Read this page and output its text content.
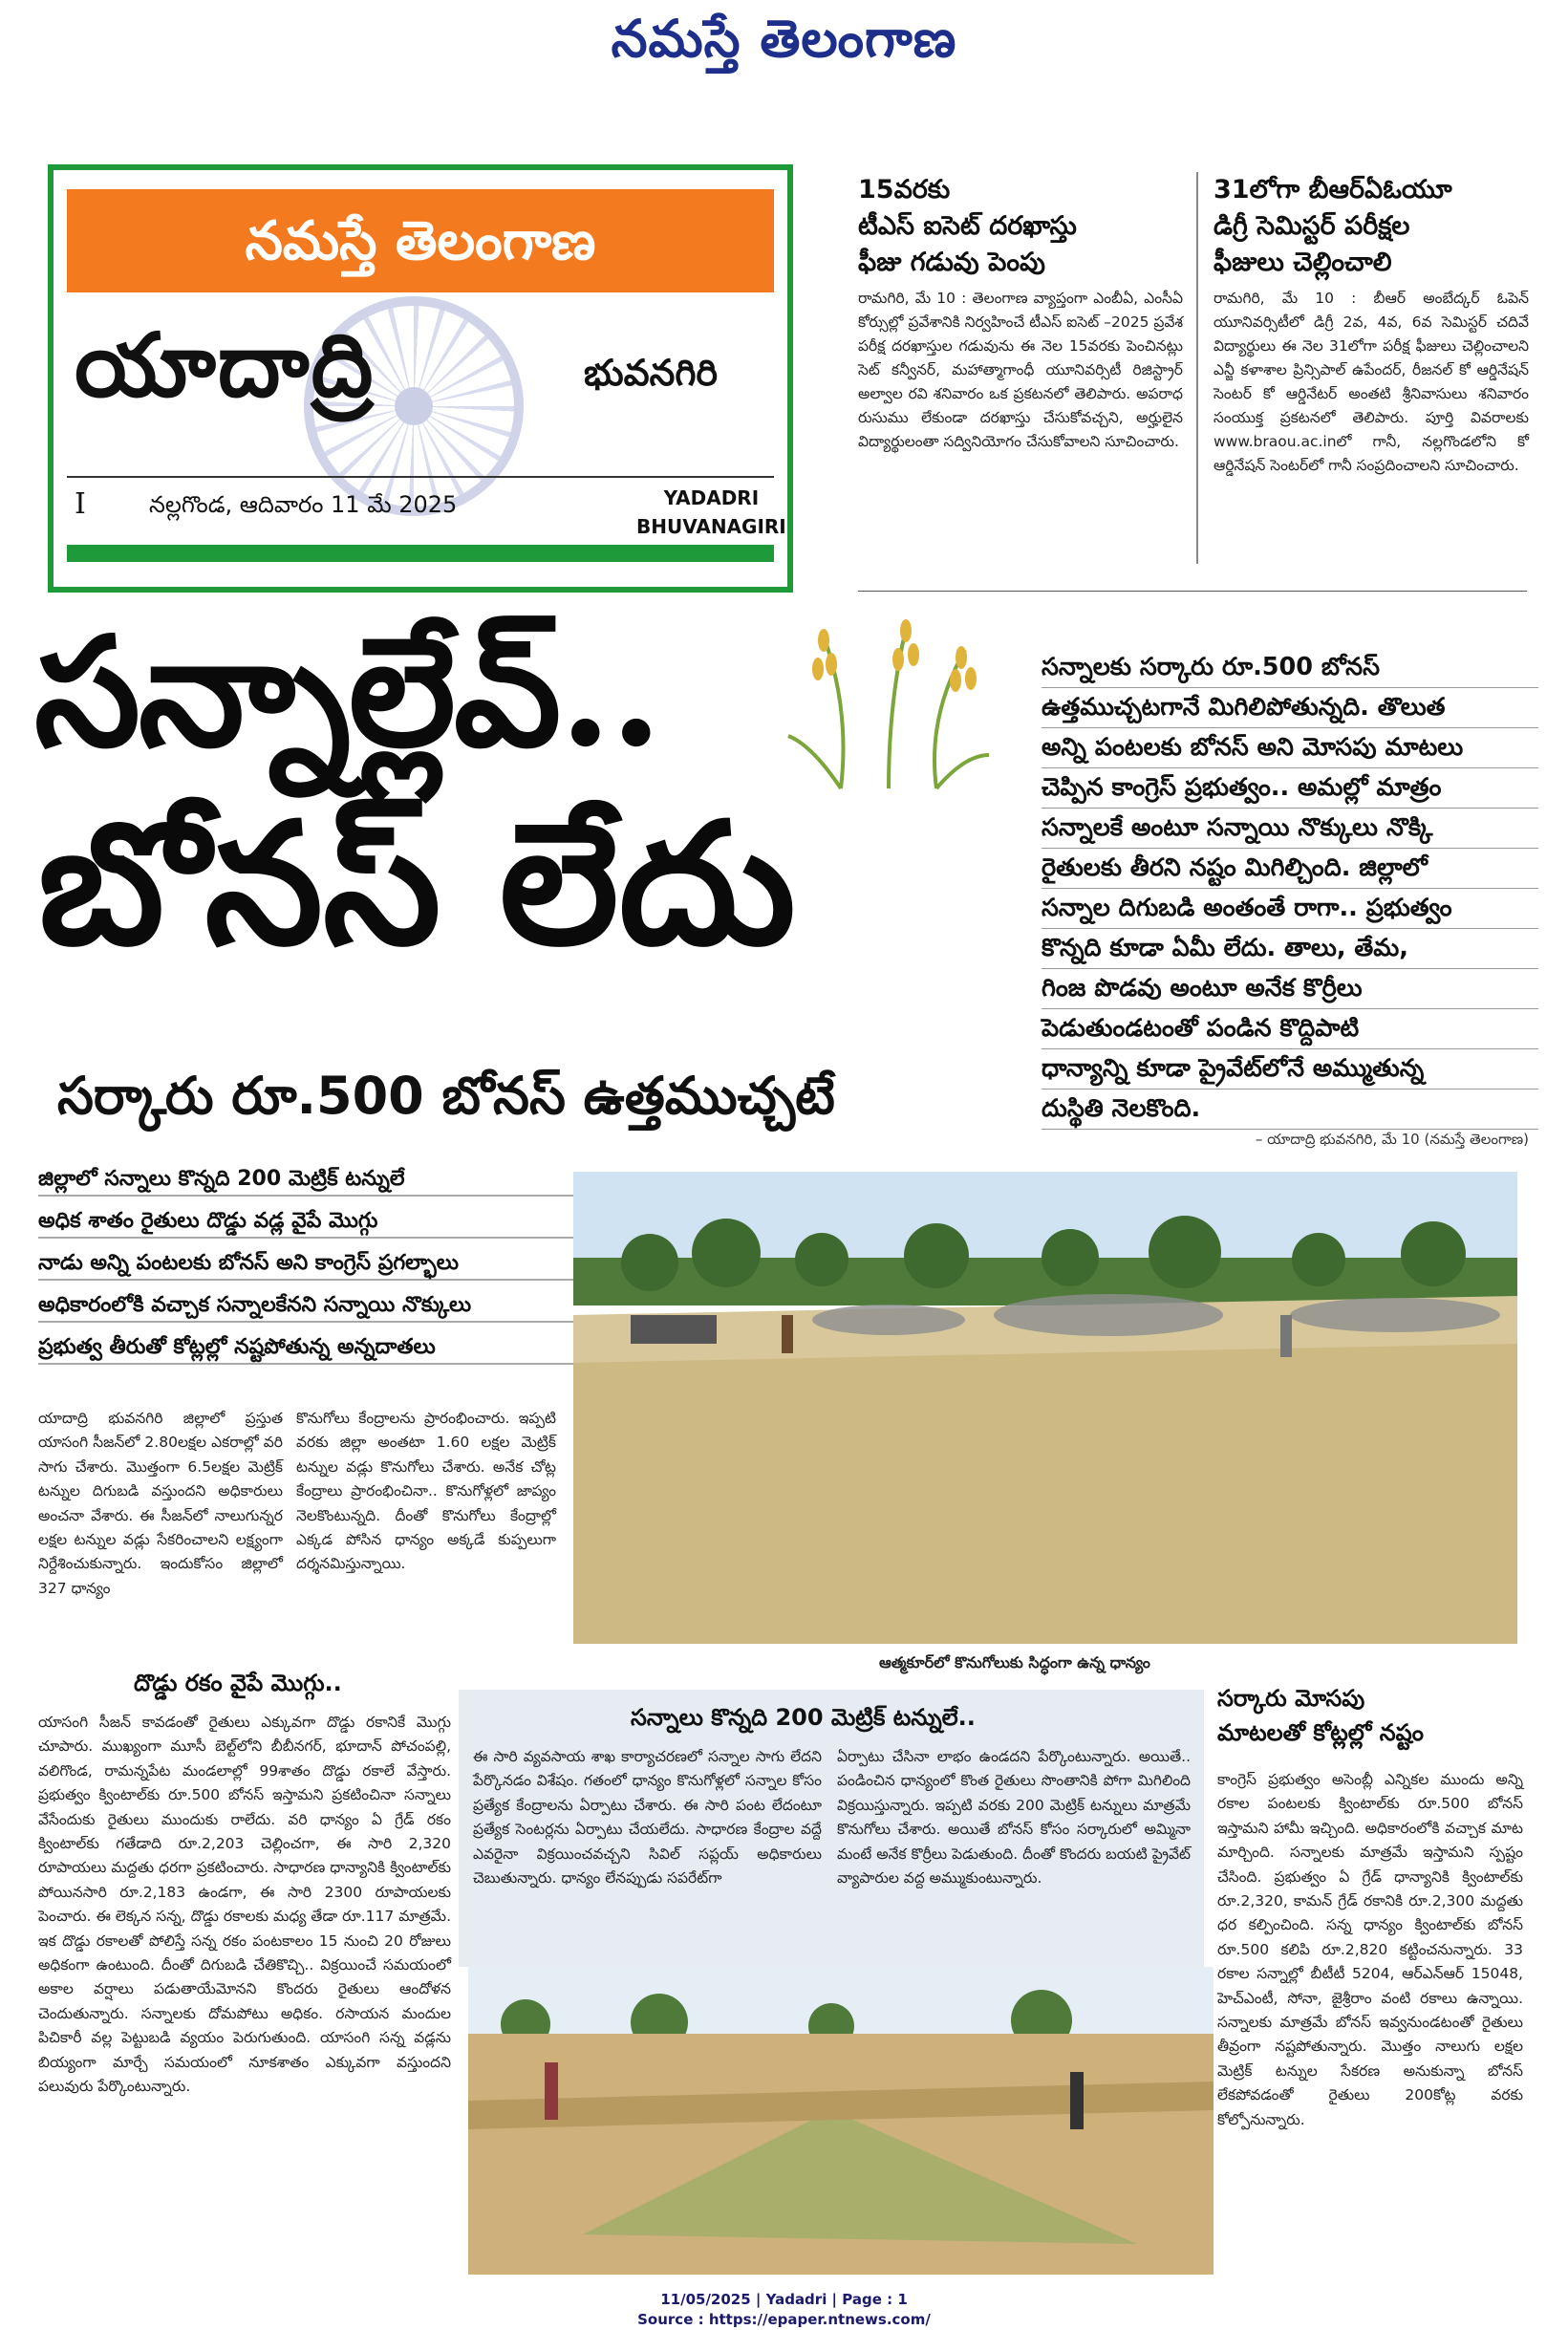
నమస్తే తెలంగాణ
నమస్తే తెలంగాణ
యాదాద్రి	భువనగిరి
I	నల్లగొండ, ఆదివారం 11 మే 2025	YADADRI
BHUVANAGIRI
15వరకు
టీఎస్‌ ఐసెట్‌ దరఖాస్తు
ఫీజు గడువు పెంపు
రామగిరి, మే 10 : తెలంగాణ వ్యాప్తంగా ఎంబీఏ, ఎంసీఏ కోర్సుల్లో ప్రవేశానికి నిర్వహించే టీఎస్‌ ఐసెట్‌ –2025 ప్రవేశ పరీక్ష దరఖాస్తుల గడువును ఈ నెల 15వరకు పెంచినట్లు సెట్‌ కన్వీనర్‌, మహాత్మాగాంధీ యూనివర్సిటీ రిజిస్ట్రార్‌ అల్వాల రవి శనివారం ఒక ప్రకటనలో తెలిపారు. అపరాధ రుసుము లేకుండా దరఖాస్తు చేసుకోవచ్చని, అర్హులైన విద్యార్థులంతా సద్వినియోగం చేసుకోవాలని సూచించారు.
31లోగా బీఆర్‌ఏఓయూ
డిగ్రీ సెమిస్టర్‌ పరీక్షల
ఫీజులు చెల్లించాలి
రామగిరి, మే 10 : బీఆర్‌ అంబేద్కర్‌ ఓపెన్‌ యూనివర్సిటీలో డిగ్రీ 2వ, 4వ, 6వ సెమిస్టర్‌ చదివే విద్యార్థులు ఈ నెల 31లోగా పరీక్ష ఫీజులు చెల్లించాలని ఎన్జీ కళాశాల ప్రిన్సిపాల్‌ ఉపేందర్‌, రీజనల్‌ కో ఆర్డినేషన్‌ సెంటర్‌ కో ఆర్డినేటర్‌ అంతటి శ్రీనివాసులు శనివారం సంయుక్త ప్రకటనలో తెలిపారు. పూర్తి వివరాలకు www.braou.ac.inలో గానీ, నల్లగొండలోని కో ఆర్డినేషన్‌ సెంటర్‌లో గానీ సంప్రదించాలని సూచించారు.
సన్నాల్లేవ్‌..
బోనస్‌ లేదు
సర్కారు రూ.500 బోనస్‌ ఉత్తముచ్చటే
సన్నాలకు సర్కారు రూ.500 బోనస్‌
ఉత్తముచ్చటగానే మిగిలిపోతున్నది. తొలుత
అన్ని పంటలకు బోనస్‌ అని మోసపు మాటలు
చెప్పిన కాంగ్రెస్‌ ప్రభుత్వం.. అమల్లో మాత్రం
సన్నాలకే అంటూ సన్నాయి నొక్కులు నొక్కి
రైతులకు తీరని నష్టం మిగిల్చింది. జిల్లాలో
సన్నాల దిగుబడి అంతంతే రాగా.. ప్రభుత్వం
కొన్నది కూడా ఏమీ లేదు. తాలు, తేమ,
గింజ పొడవు అంటూ అనేక కొర్రీలు
పెడుతుండటంతో పండిన కొద్దిపాటి
ధాన్యాన్ని కూడా ప్రైవేట్‌లోనే అమ్ముతున్న
దుస్థితి నెలకొంది.
– యాదాద్రి భువనగిరి, మే 10 (నమస్తే తెలంగాణ)
జిల్లాలో సన్నాలు కొన్నది 200 మెట్రిక్‌ టన్నులే
అధిక శాతం రైతులు దొడ్డు వడ్ల వైపే మొగ్గు
నాడు అన్ని పంటలకు బోనస్‌ అని కాంగ్రెస్‌ ప్రగల్భాలు
అధికారంలోకి వచ్చాక సన్నాలకేనని సన్నాయి నొక్కులు
ప్రభుత్వ తీరుతో కోట్లల్లో నష్టపోతున్న అన్నదాతలు
యాదాద్రి భువనగిరి జిల్లాలో ప్రస్తుత యాసంగి సీజన్‌లో 2.80లక్షల ఎకరాల్లో వరి సాగు చేశారు. మొత్తంగా 6.5లక్షల మెట్రిక్‌ టన్నుల దిగుబడి వస్తుందని అధికారులు అంచనా వేశారు. ఈ సీజన్‌లో నాలుగున్నర లక్షల టన్నుల వడ్లు సేకరించాలని లక్ష్యంగా నిర్దేశించుకున్నారు. ఇందుకోసం జిల్లాలో 327 ధాన్యం
కొనుగోలు కేంద్రాలను ప్రారంభించారు. ఇప్పటి వరకు జిల్లా అంతటా 1.60 లక్షల మెట్రిక్‌ టన్నుల వడ్లు కొనుగోలు చేశారు. అనేక చోట్ల కేంద్రాలు ప్రారంభించినా.. కొనుగోళ్లలో జాప్యం నెలకొంటున్నది. దీంతో కొనుగోలు కేంద్రాల్లో ఎక్కడ పోసిన ధాన్యం అక్కడే కుప్పలుగా దర్శనమిస్తున్నాయి.
ఆత్మకూర్‌లో కొనుగోలుకు సిద్ధంగా ఉన్న ధాన్యం
దొడ్డు రకం వైపే మొగ్గు..
యాసంగి సీజన్‌ కావడంతో రైతులు ఎక్కువగా దొడ్డు రకానికే మొగ్గు చూపారు. ముఖ్యంగా మూసీ బెల్ట్‌లోని బీబీనగర్‌, భూదాన్‌ పోచంపల్లి, వలిగొండ, రామన్నపేట మండలాల్లో 99శాతం దొడ్డు రకాలే వేస్తారు. ప్రభుత్వం క్వింటాల్‌కు రూ.500 బోనస్‌ ఇస్తామని ప్రకటించినా సన్నాలు వేసేందుకు రైతులు ముందుకు రాలేదు. వరి ధాన్యం ఏ గ్రేడ్‌ రకం క్వింటాల్‌కు గతేడాది రూ.2,203 చెల్లించగా, ఈ సారి 2,320 రూపాయలు మద్దతు ధరగా ప్రకటించారు. సాధారణ ధాన్యానికి క్వింటాల్‌కు పోయినసారి రూ.2,183 ఉండగా, ఈ సారి 2300 రూపాయలకు పెంచారు. ఈ లెక్కన సన్న, దొడ్డు రకాలకు మధ్య తేడా రూ.117 మాత్రమే. ఇక దొడ్డు రకాలతో పోలిస్తే సన్న రకం పంటకాలం 15 నుంచి 20 రోజులు అధికంగా ఉంటుంది. దీంతో దిగుబడి చేతికొచ్చి.. విక్రయించే సమయంలో అకాల వర్షాలు పడుతాయేమోనని కొందరు రైతులు ఆందోళన చెందుతున్నారు. సన్నాలకు దోమపోటు అధికం. రసాయన మందుల పిచికారీ వల్ల పెట్టుబడి వ్యయం పెరుగుతుంది. యాసంగి సన్న వడ్లను బియ్యంగా మార్చే సమయంలో నూకశాతం ఎక్కువగా వస్తుందని పలువురు పేర్కొంటున్నారు.
సన్నాలు కొన్నది 200 మెట్రిక్‌ టన్నులే..
ఈ సారి వ్యవసాయ శాఖ కార్యాచరణలో సన్నాల సాగు లేదని పేర్కొనడం విశేషం. గతంలో ధాన్యం కొనుగోళ్లలో సన్నాల కోసం ప్రత్యేక కేంద్రాలను ఏర్పాటు చేశారు. ఈ సారి పంట లేదంటూ ప్రత్యేక సెంటర్లను ఏర్పాటు చేయలేదు. సాధారణ కేంద్రాల వద్దే ఎవరైనా విక్రయించవచ్చని సివిల్‌ సప్లయ్‌ అధికారులు చెబుతున్నారు. ధాన్యం లేనప్పుడు సపరేట్‌గా
ఏర్పాటు చేసినా లాభం ఉండదని పేర్కొంటున్నారు. అయితే.. పండించిన ధాన్యంలో కొంత రైతులు సొంతానికి పోగా మిగిలింది విక్రయిస్తున్నారు. ఇప్పటి వరకు 200 మెట్రిక్‌ టన్నులు మాత్రమే కొనుగోలు చేశారు. అయితే బోనస్‌ కోసం సర్కారులో అమ్మినా మంటే అనేక కొర్రీలు పెడుతుంది. దీంతో కొందరు బయటి ప్రైవేట్‌ వ్యాపారుల వద్ద అమ్ముకుంటున్నారు.
సర్కారు మోసపు
మాటలతో కోట్లల్లో నష్టం
కాంగ్రెస్‌ ప్రభుత్వం అసెంబ్లీ ఎన్నికల ముందు అన్ని రకాల పంటలకు క్వింటాల్‌కు రూ.500 బోనస్‌ ఇస్తామని హామీ ఇచ్చింది. అధికారంలోకి వచ్చాక మాట మార్చింది. సన్నాలకు మాత్రమే ఇస్తామని స్పష్టం చేసింది. ప్రభుత్వం ఏ గ్రేడ్‌ ధాన్యానికి క్వింటాల్‌కు రూ.2,320, కామన్‌ గ్రేడ్‌ రకానికి రూ.2,300 మద్దతు ధర కల్పించింది. సన్న ధాన్యం క్వింటాల్‌కు బోనస్‌ రూ.500 కలిపి రూ.2,820 కట్టించనున్నారు. 33 రకాల సన్నాల్లో బీటీటీ 5204, ఆర్‌ఎన్‌ఆర్‌ 15048, హెచ్‌ఎంటీ, సోనా, జైశ్రీరాం వంటి రకాలు ఉన్నాయి. సన్నాలకు మాత్రమే బోనస్‌ ఇవ్వనుండటంతో రైతులు తీవ్రంగా నష్టపోతున్నారు. మొత్తం నాలుగు లక్షల మెట్రిక్‌ టన్నుల సేకరణ అనుకున్నా బోనస్‌ లేకపోవడంతో రైతులు 200కోట్ల వరకు కోల్పోనున్నారు.
11/05/2025 | Yadadri | Page : 1
Source : https://epaper.ntnews.com/
